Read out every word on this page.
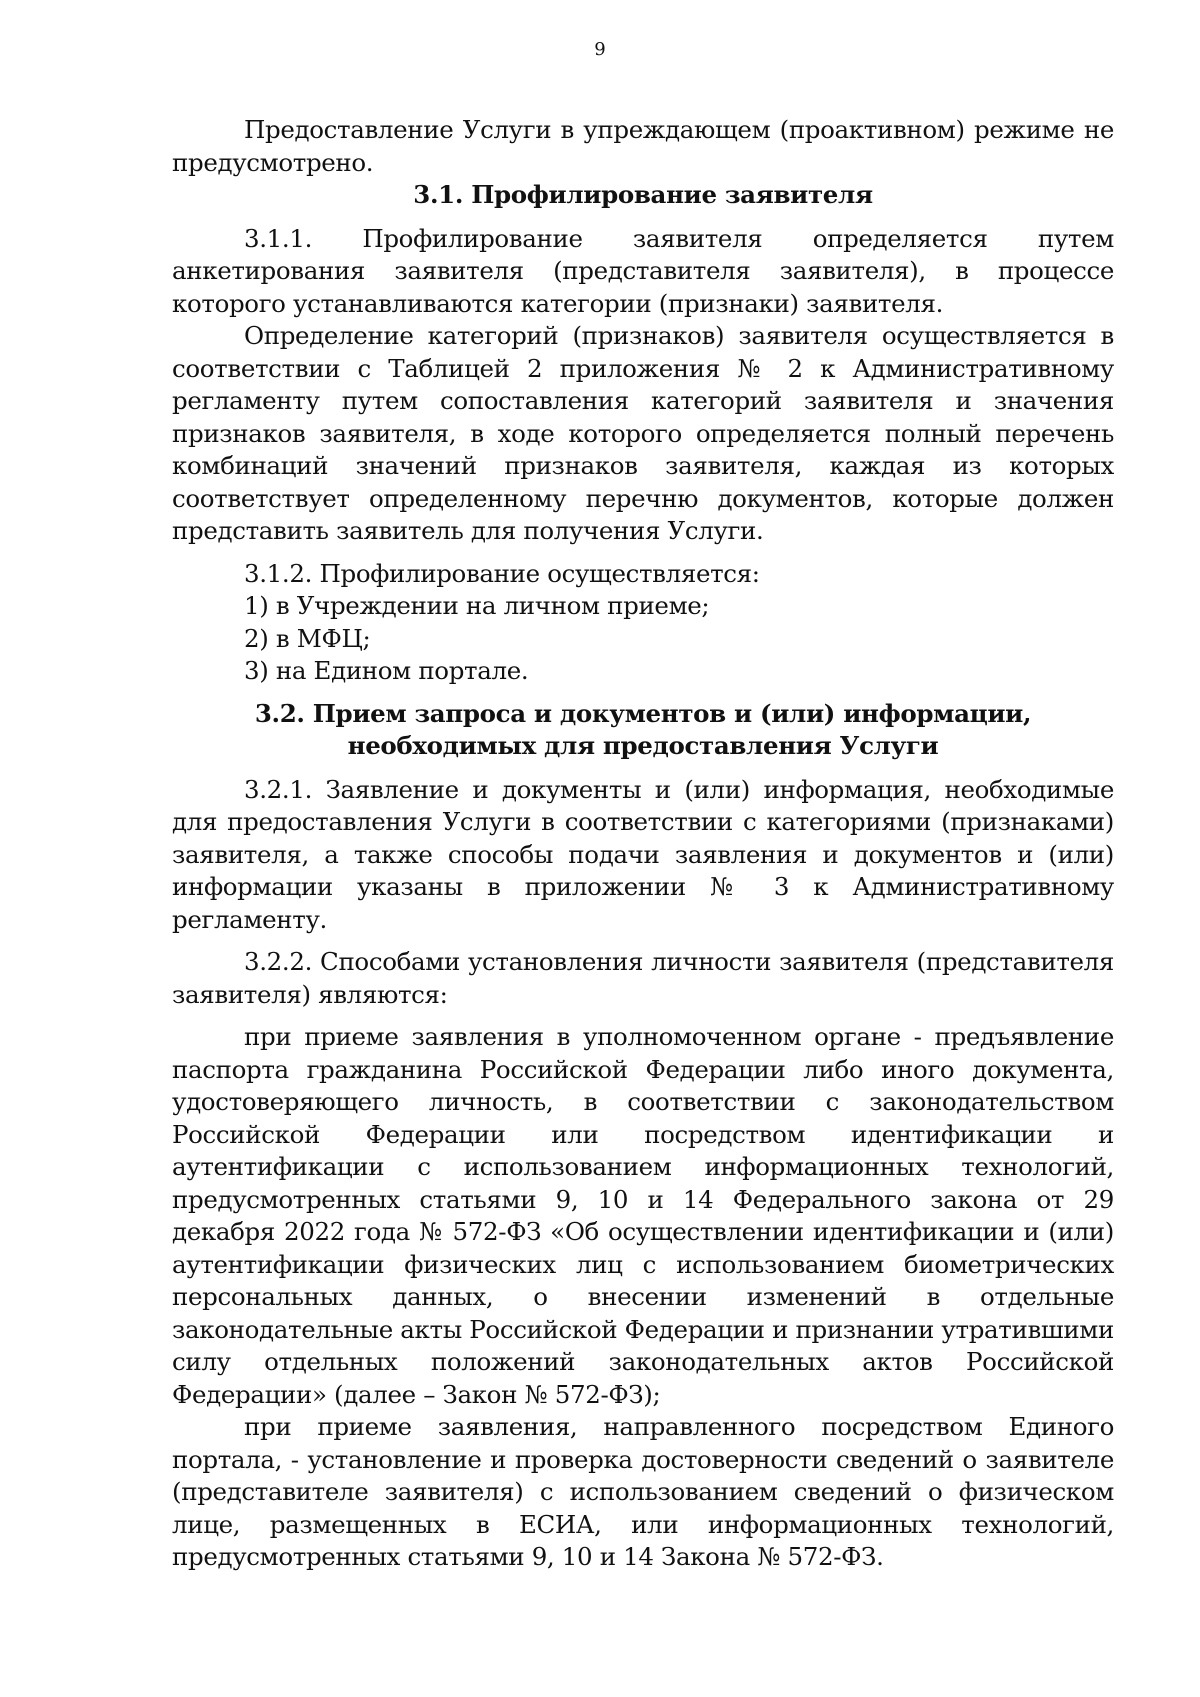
9

Предоставление Услуги в упреждающем (проактивном) режиме не предусмотрено.

3.1. Профилирование заявителя

3.1.1. Профилирование заявителя определяется путем анкетирования заявителя (представителя заявителя), в процессе которого устанавливаются категории (признаки) заявителя.

Определение категорий (признаков) заявителя осуществляется в соответствии с Таблицей 2 приложения № 2 к Административному регламенту путем сопоставления категорий заявителя и значения признаков заявителя, в ходе которого определяется полный перечень комбинаций значений признаков заявителя, каждая из которых соответствует определенному перечню документов, которые должен представить заявитель для получения Услуги.

3.1.2. Профилирование осуществляется:

1) в Учреждении на личном приеме;

2) в МФЦ;

3) на Едином портале.

3.2. Прием запроса и документов и (или) информации, необходимых для предоставления Услуги

3.2.1. Заявление и документы и (или) информация, необходимые для предоставления Услуги в соответствии с категориями (признаками) заявителя, а также способы подачи заявления и документов и (или) информации указаны в приложении № 3 к Административному регламенту.

3.2.2. Способами установления личности заявителя (представителя заявителя) являются:

при приеме заявления в уполномоченном органе - предъявление паспорта гражданина Российской Федерации либо иного документа, удостоверяющего личность, в соответствии с законодательством Российской Федерации или посредством идентификации и аутентификации с использованием информационных технологий, предусмотренных статьями 9, 10 и 14 Федерального закона от 29 декабря 2022 года № 572-ФЗ «Об осуществлении идентификации и (или) аутентификации физических лиц с использованием биометрических персональных данных, о внесении изменений в отдельные законодательные акты Российской Федерации и признании утратившими силу отдельных положений законодательных актов Российской Федерации» (далее – Закон № 572-ФЗ);

при приеме заявления, направленного посредством Единого портала, - установление и проверка достоверности сведений о заявителе (представителе заявителя) с использованием сведений о физическом лице, размещенных в ЕСИА, или информационных технологий, предусмотренных статьями 9, 10 и 14 Закона № 572-ФЗ.
